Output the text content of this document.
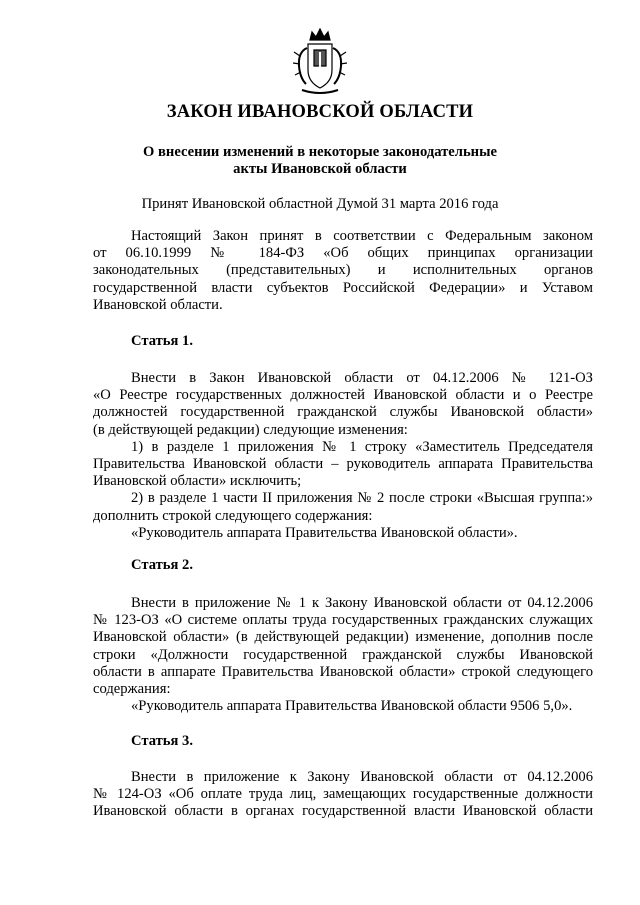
ЗАКОН ИВАНОВСКОЙ ОБЛАСТИ
О внесении изменений в некоторые законодательные
акты Ивановской области
Принят Ивановской областной Думой 31 марта 2016 года

Настоящий Закон принят в соответствии с Федеральным законом

от 06.10.1999 № 184-ФЗ «Об общих принципах организации

законодательных (представительных) и исполнительных органов

государственной власти субъектов Российской Федерации» и Уставом

Ивановской области.

Статья 1.

Внести в Закон Ивановской области от 04.12.2006 № 121-ОЗ

«О Реестре государственных должностей Ивановской области и о Реестре

должностей государственной гражданской службы Ивановской области»

(в действующей редакции) следующие изменения:

1) в разделе 1 приложения № 1 строку «Заместитель Председателя

Правительства Ивановской области – руководитель аппарата Правительства

Ивановской области» исключить;

2) в разделе 1 части II приложения № 2 после строки «Высшая группа:»

дополнить строкой следующего содержания:

«Руководитель аппарата Правительства Ивановской области».

Статья 2.

Внести в приложение № 1 к Закону Ивановской области от 04.12.2006

№ 123-ОЗ «О системе оплаты труда государственных гражданских служащих

Ивановской области» (в действующей редакции) изменение, дополнив после

строки «Должности государственной гражданской службы Ивановской

области в аппарате Правительства Ивановской области» строкой следующего

содержания:

«Руководитель аппарата Правительства Ивановской области 9506 5,0».

Статья 3.

Внести в приложение к Закону Ивановской области от 04.12.2006

№ 124-ОЗ «Об оплате труда лиц, замещающих государственные должности

Ивановской области в органах государственной власти Ивановской области
